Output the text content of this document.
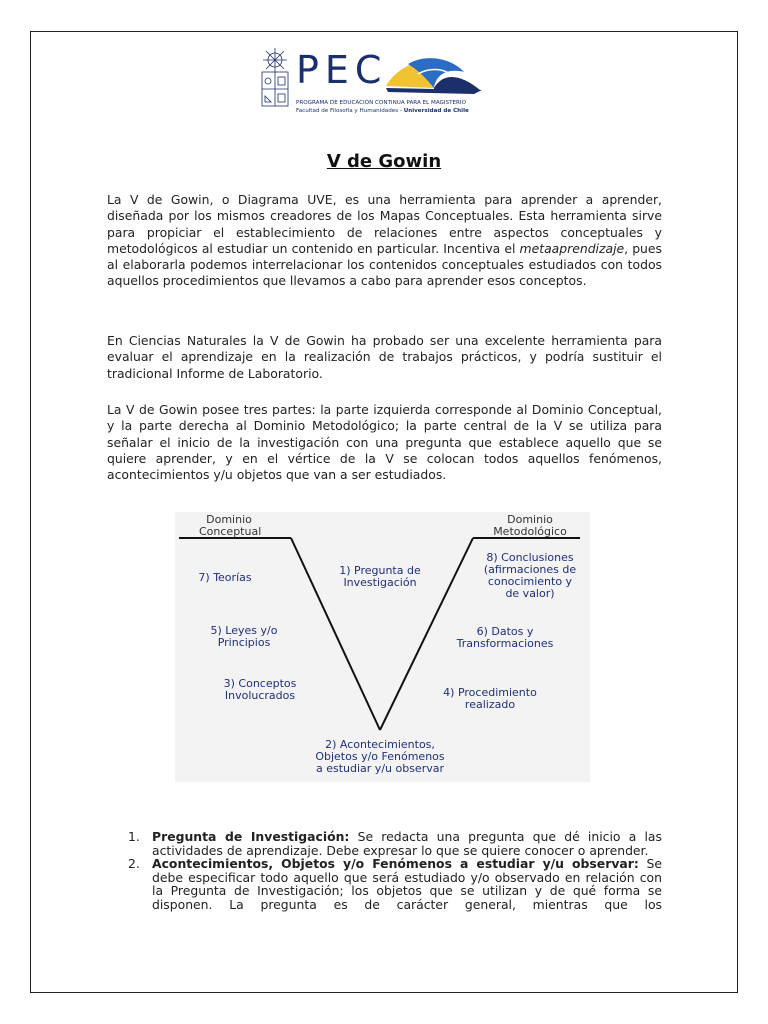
PEC
PROGRAMA DE EDUCACIÓN CONTINUA PARA EL MAGISTERIO
Facultad de Filosofía y Humanidades - Universidad de Chile
V de Gowin
La V de Gowin, o Diagrama UVE, es una herramienta para aprender a aprender, diseñada por los mismos creadores de los Mapas Conceptuales. Esta herramienta sirve para propiciar el establecimiento de relaciones entre aspectos conceptuales y metodológicos al estudiar un contenido en particular. Incentiva el metaaprendizaje, pues al elaborarla podemos interrelacionar los contenidos conceptuales estudiados con todos aquellos procedimientos que llevamos a cabo para aprender esos conceptos.
En Ciencias Naturales la V de Gowin ha probado ser una excelente herramienta para evaluar el aprendizaje en la realización de trabajos prácticos, y podría sustituir el tradicional Informe de Laboratorio.
La V de Gowin posee tres partes: la parte izquierda corresponde al Dominio Conceptual, y la parte derecha al Dominio Metodológico; la parte central de la V se utiliza para señalar el inicio de la investigación con una pregunta que establece aquello que se quiere aprender, y en el vértice de la V se colocan todos aquellos fenómenos, acontecimientos y/u objetos que van a ser estudiados.
Dominio
Conceptual
Dominio
Metodológico
7) Teorías
5) Leyes y/o
Principios
3) Conceptos
Involucrados
1) Pregunta de
Investigación
8) Conclusiones
(afirmaciones de
conocimiento y
de valor)
6) Datos y
Transformaciones
4) Procedimiento
realizado
2) Acontecimientos,
Objetos y/o Fenómenos
a estudiar y/u observar
1. Pregunta de Investigación: Se redacta una pregunta que dé inicio a las actividades de aprendizaje. Debe expresar lo que se quiere conocer o aprender.
2. Acontecimientos, Objetos y/o Fenómenos a estudiar y/u observar: Se debe especificar todo aquello que será estudiado y/o observado en relación con la Pregunta de Investigación; los objetos que se utilizan y de qué forma se disponen. La pregunta es de carácter general, mientras que los
